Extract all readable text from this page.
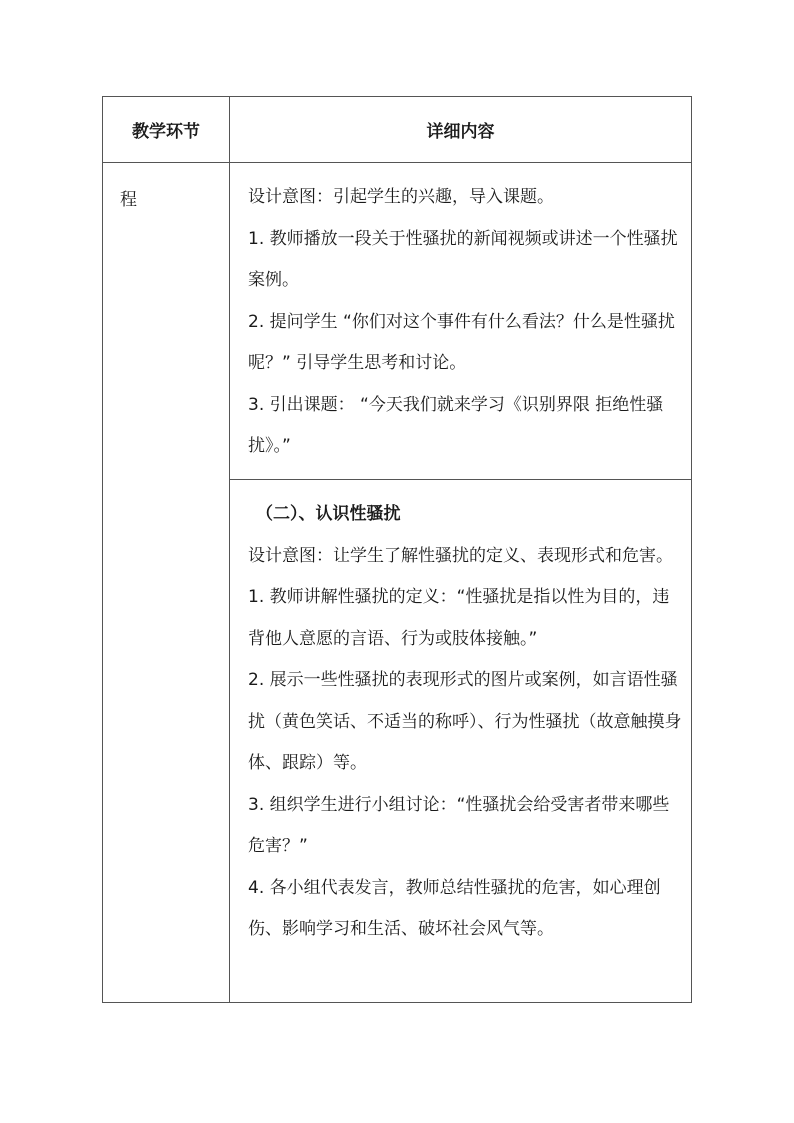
教学环节	详细内容
程	设计意图：引起学生的兴趣，导入课题。

1. 教师播放一段关于性骚扰的新闻视频或讲述一个性骚扰案例。

2. 提问学生 “你们对这个事件有什么看法？什么是性骚扰呢？” 引导学生思考和讨论。

3. 引出课题： “今天我们就来学习《识别界限 拒绝性骚扰》。”

（二）、认识性骚扰

设计意图：让学生了解性骚扰的定义、表现形式和危害。

1. 教师讲解性骚扰的定义：“性骚扰是指以性为目的，违背他人意愿的言语、行为或肢体接触。”

2. 展示一些性骚扰的表现形式的图片或案例，如言语性骚扰（黄色笑话、不适当的称呼）、行为性骚扰（故意触摸身体、跟踪）等。

3. 组织学生进行小组讨论：“性骚扰会给受害者带来哪些危害？”

4. 各小组代表发言，教师总结性骚扰的危害，如心理创伤、影响学习和生活、破坏社会风气等。
